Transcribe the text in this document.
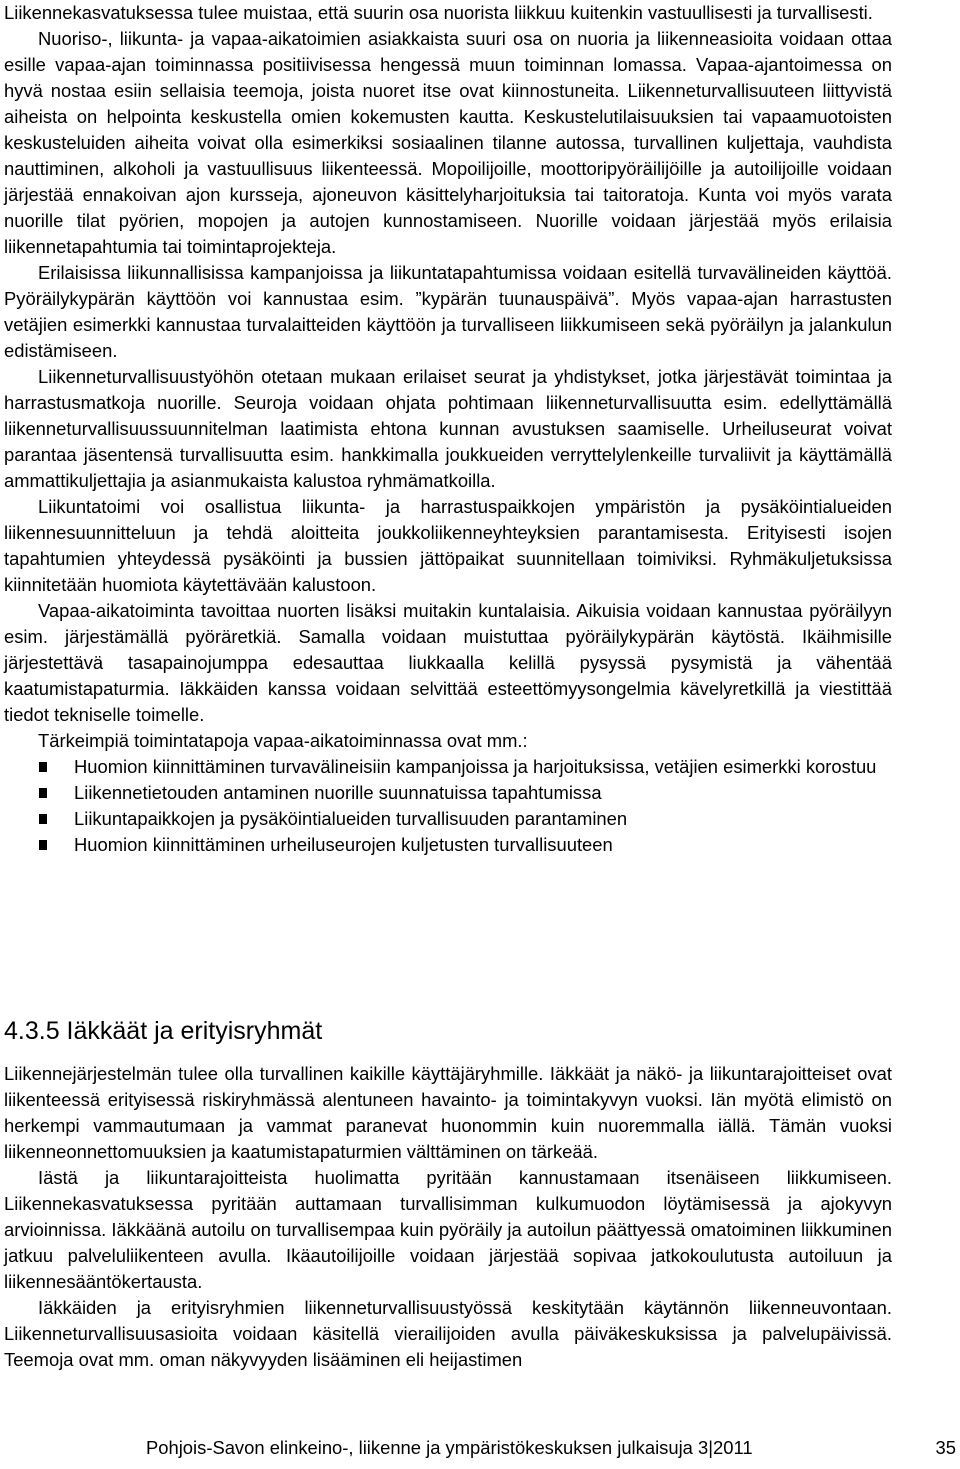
Liikennekasvatuksessa tulee muistaa, että suurin osa nuorista liikkuu kuitenkin vastuullisesti ja turvallisesti.

Nuoriso-, liikunta- ja vapaa-aikatoimien asiakkaista suuri osa on nuoria ja liikenneasioita voidaan ottaa esille vapaa-ajan toiminnassa positiivisessa hengessä muun toiminnan lomassa. Vapaa-ajantoimessa on hyvä nostaa esiin sellaisia teemoja, joista nuoret itse ovat kiinnostuneita. Liikenneturvallisuuteen liittyvistä aiheista on helpointa keskustella omien kokemusten kautta. Keskustelutilaisuuksien tai vapaamuotoisten keskusteluiden aiheita voivat olla esimerkiksi sosiaalinen tilanne autossa, turvallinen kuljettaja, vauhdista nauttiminen, alkoholi ja vastuullisuus liikenteessä. Mopoilijoille, moottoripyöräilijöille ja autoilijoille voidaan järjestää ennakoivan ajon kursseja, ajoneuvon käsittelyharjoituksia tai taitoratoja. Kunta voi myös varata nuorille tilat pyörien, mopojen ja autojen kunnostamiseen. Nuorille voidaan järjestää myös erilaisia liikennetapahtumia tai toimintaprojekteja.

Erilaisissa liikunnallisissa kampanjoissa ja liikuntatapahtumissa voidaan esitellä turvavälineiden käyttöä. Pyöräilykypärän käyttöön voi kannustaa esim. ”kypärän tuunauspäivä”. Myös vapaa-ajan harrastusten vetäjien esimerkki kannustaa turvalaitteiden käyttöön ja turvalliseen liikkumiseen sekä pyöräilyn ja jalankulun edistämiseen.

Liikenneturvallisuustyöhön otetaan mukaan erilaiset seurat ja yhdistykset, jotka järjestävät toimintaa ja harrastusmatkoja nuorille. Seuroja voidaan ohjata pohtimaan liikenneturvallisuutta esim. edellyttämällä liikenneturvallisuussuunnitelman laatimista ehtona kunnan avustuksen saamiselle. Urheiluseurat voivat parantaa jäsentensä turvallisuutta esim. hankkimalla joukkueiden verryttelylenkeille turvaliivit ja käyttämällä ammattikuljettajia ja asianmukaista kalustoa ryhmämatkoilla.

Liikuntatoimi voi osallistua liikunta- ja harrastuspaikkojen ympäristön ja pysäköintialueiden liikennesuunnitteluun ja tehdä aloitteita joukkoliikenneyhteyksien parantamisesta. Erityisesti isojen tapahtumien yhteydessä pysäköinti ja bussien jättöpaikat suunnitellaan toimiviksi. Ryhmäkuljetuksissa kiinnitetään huomiota käytettävään kalustoon.

Vapaa-aikatoiminta tavoittaa nuorten lisäksi muitakin kuntalaisia. Aikuisia voidaan kannustaa pyöräilyyn esim. järjestämällä pyöräretkiä. Samalla voidaan muistuttaa pyöräilykypärän käytöstä. Ikäihmisille järjestettävä tasapainojumppa edesauttaa liukkaalla kelillä pysyssä pysymistä ja vähentää kaatumistapaturmia. Iäkkäiden kanssa voidaan selvittää esteettömyysongelmia kävelyretkillä ja viestittää tiedot tekniselle toimelle.

Tärkeimpiä toimintatapoja vapaa-aikatoiminnassa ovat mm.:

Huomion kiinnittäminen turvavälineisiin kampanjoissa ja harjoituksissa, vetäjien esimerkki korostuu
Liikennetietouden antaminen nuorille suunnatuissa tapahtumissa
Liikuntapaikkojen ja pysäköintialueiden turvallisuuden parantaminen
Huomion kiinnittäminen urheiluseurojen kuljetusten turvallisuuteen
4.3.5 Iäkkäät ja erityisryhmät

Liikennejärjestelmän tulee olla turvallinen kaikille käyttäjäryhmille. Iäkkäät ja näkö- ja liikuntarajoitteiset ovat liikenteessä erityisessä riskiryhmässä alentuneen havainto- ja toimintakyvyn vuoksi. Iän myötä elimistö on herkempi vammautumaan ja vammat paranevat huonommin kuin nuoremmalla iällä. Tämän vuoksi liikenneonnettomuuksien ja kaatumistapaturmien välttäminen on tärkeää.

Iästä ja liikuntarajoitteista huolimatta pyritään kannustamaan itsenäiseen liikkumiseen. Liikennekasvatuksessa pyritään auttamaan turvallisimman kulkumuodon löytämisessä ja ajokyvyn arvioinnissa. Iäkkäänä autoilu on turvallisempaa kuin pyöräily ja autoilun päättyessä omatoiminen liikkuminen jatkuu palveluliikenteen avulla. Ikäautoilijoille voidaan järjestää sopivaa jatkokoulutusta autoiluun ja liikennesääntökertausta.

Iäkkäiden ja erityisryhmien liikenneturvallisuustyössä keskitytään käytännön liikenneuvontaan. Liikenneturvallisuusasioita voidaan käsitellä vierailijoiden avulla päiväkeskuksissa ja palvelupäivissä. Teemoja ovat mm. oman näkyvyyden lisääminen eli heijastimen

Pohjois-Savon elinkeino-, liikenne ja ympäristökeskuksen julkaisuja 3|2011	35
